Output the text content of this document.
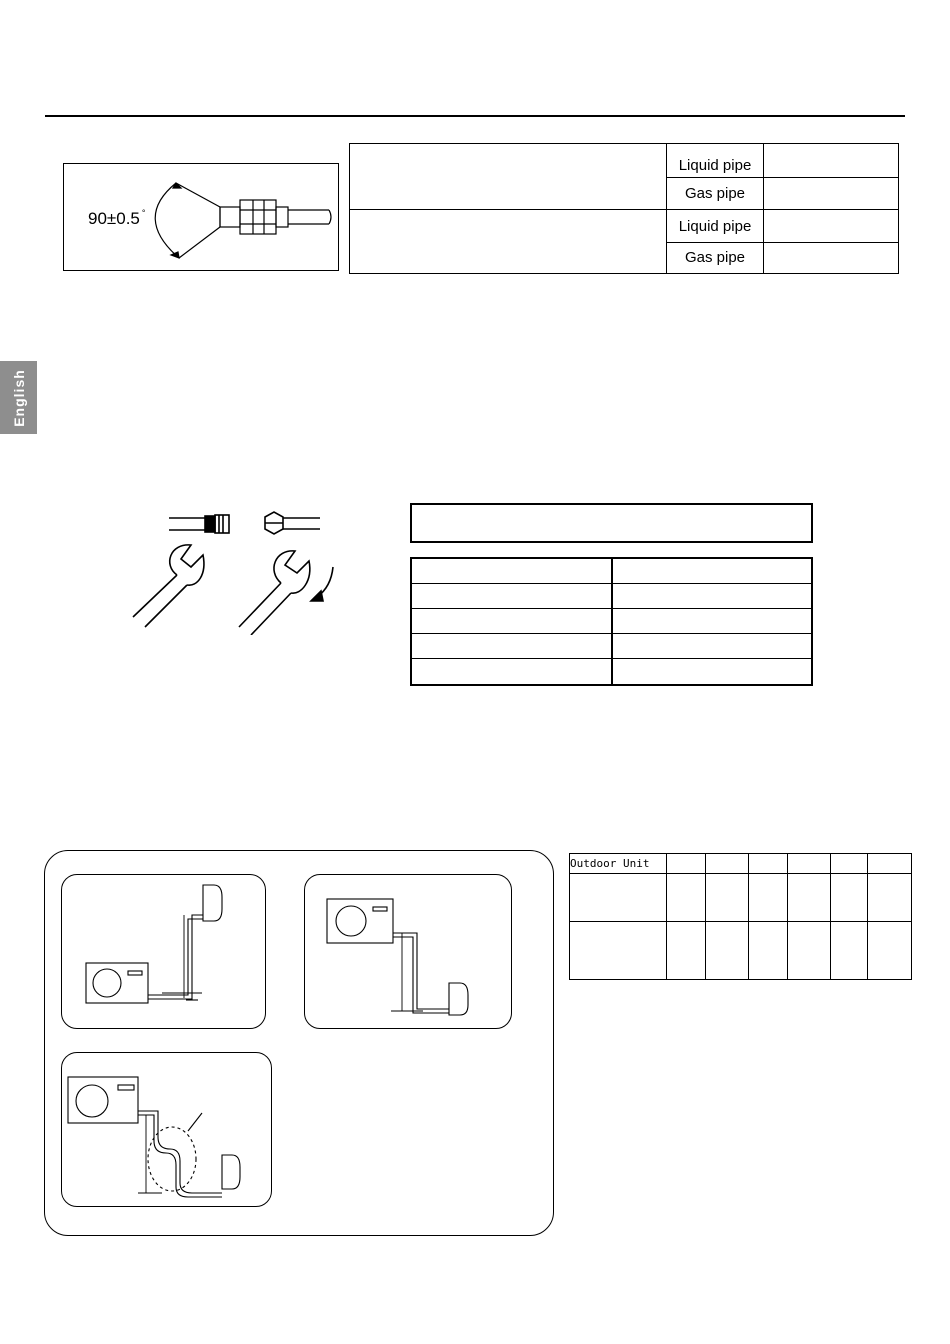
90±0.5 °
	Liquid pipe	
	Gas pipe	
	Liquid pipe	
	Gas pipe	
English
Outdoor Unit						
